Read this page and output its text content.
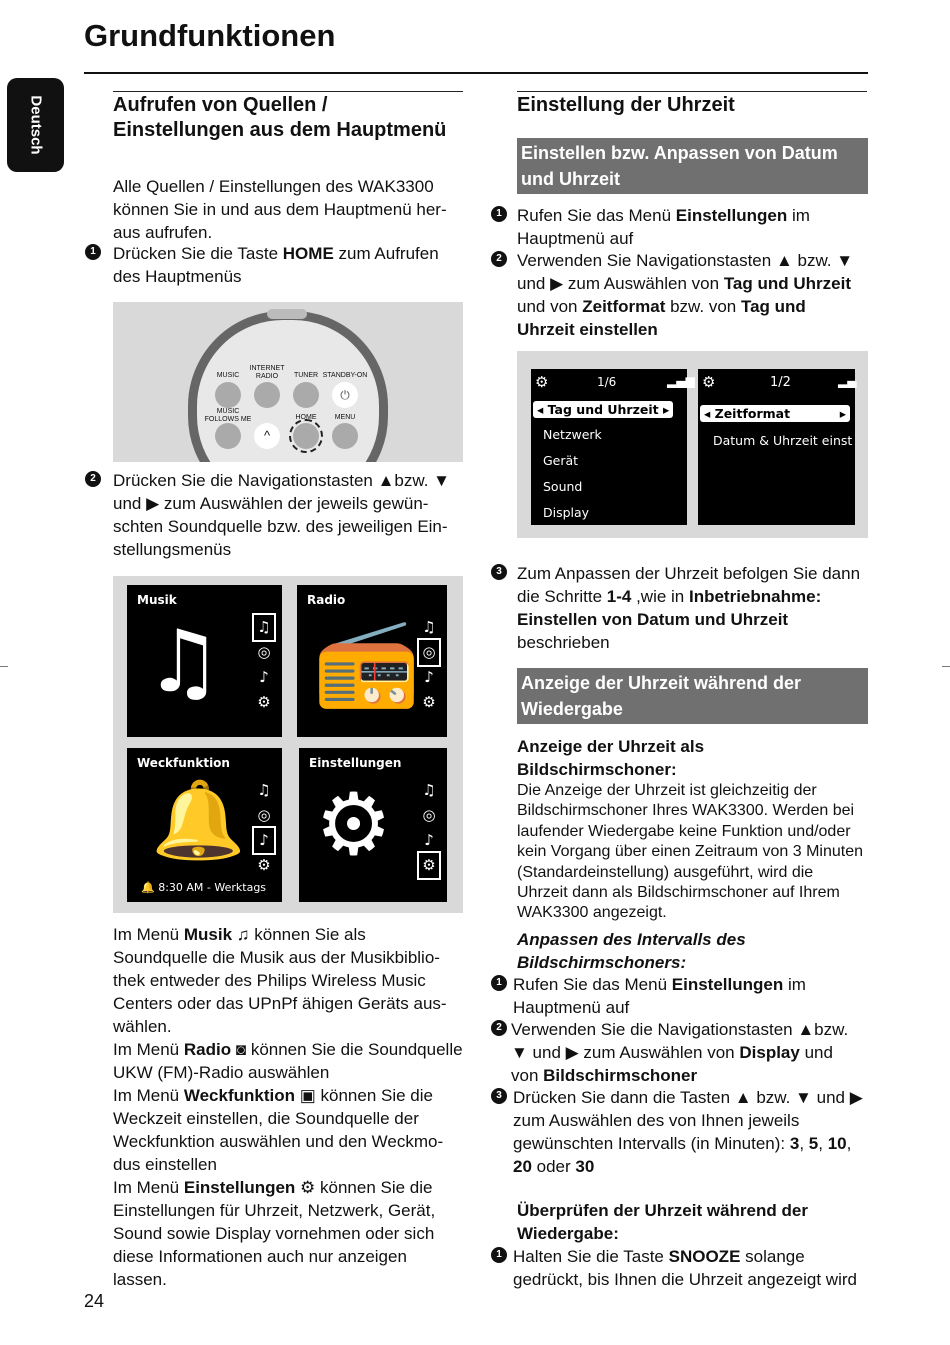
Grundfunktionen
Deutsch	Aufrufen von Quellen / Einstellungen aus dem Hauptmenü
Alle Quellen / Einstellungen des WAK3300 können Sie in und aus dem Hauptmenü her-aus aufrufen.
1	Drücken Sie die Taste HOME zum Aufrufen des Hauptmenüs
MUSIC
INTERNET RADIO	TUNER STANDBY-ON
⏻
MUSIC FOLLOWS ME	HOME	MENU
^
2	Drücken Sie die Navigationstasten ▲bzw. ▼ und ▶ zum Auswählen der jeweils gewün-schten Soundquelle bzw. des jeweiligen Ein-stellungsmenüs
Musik
♫ ♫
◎
♪
⚙
Radio
📻 ♫
◎
♪
⚙
Weckfunktion
🔔 ♫
◎
♪
⚙
🔔 8:30 AM - Werktags
Einstellungen
⚙ ♫
◎
♪
⚙
Im Menü Musik ♫ können Sie als Soundquelle die Musik aus der Musikbiblio-thek entweder des Philips Wireless Music Centers oder das UPnPf ähigen Geräts aus-wählen.
Im Menü Radio ◙ können Sie die Soundquelle UKW (FM)-Radio auswählen
Im Menü Weckfunktion ▣ können Sie die Weckzeit einstellen, die Soundquelle der Weckfunktion auswählen und den Weckmo-dus einstellen
Im Menü Einstellungen ⚙ können Sie die Einstellungen für Uhrzeit, Netzwerk, Gerät, Sound sowie Display vornehmen oder sich diese Informationen auch nur anzeigen lassen.
Einstellung der Uhrzeit
Einstellen bzw. Anpassen von Datum und Uhrzeit
1 Rufen Sie das Menü Einstellungen im Hauptmenü auf
2 Verwenden Sie Navigationstasten ▲ bzw. ▼ und ▶ zum Auswählen von Tag und Uhrzeit und von Zeitformat bzw. von Tag und Uhrzeit einstellen
⚙	1/6	▂▄▆
◂ Tag und Uhrzeit ▸
Netzwerk
Gerät
Sound
Display
⚙	1/2	▂▄
◂ Zeitformat	▸
Datum & Uhrzeit einst
3 Zum Anpassen der Uhrzeit befolgen Sie dann die Schritte 1-4 ,wie in Inbetriebnahme: Einstellen von Datum und Uhrzeit beschrieben
Anzeige der Uhrzeit während der Wiedergabe
Anzeige der Uhrzeit als Bildschirmschoner:
Die Anzeige der Uhrzeit ist gleichzeitig der Bildschirmschoner Ihres WAK3300. Werden bei laufender Wiedergabe keine Funktion und/oder kein Vorgang über einen Zeitraum von 3 Minuten (Standardeinstellung) ausgeführt, wird die Uhrzeit dann als Bildschirmschoner auf Ihrem WAK3300 angezeigt.
Anpassen des Intervalls des Bildschirmschoners:
1 Rufen Sie das Menü Einstellungen im Hauptmenü auf
2 Verwenden Sie die Navigationstasten ▲bzw. ▼ und ▶ zum Auswählen von Display und von Bildschirmschoner
3 Drücken Sie dann die Tasten ▲ bzw. ▼ und ▶ zum Auswählen des von Ihnen jeweils gewünschten Intervalls (in Minuten): 3, 5, 10, 20 oder 30
Überprüfen der Uhrzeit während der Wiedergabe:
1 Halten Sie die Taste SNOOZE solange gedrückt, bis Ihnen die Uhrzeit angezeigt wird
24
